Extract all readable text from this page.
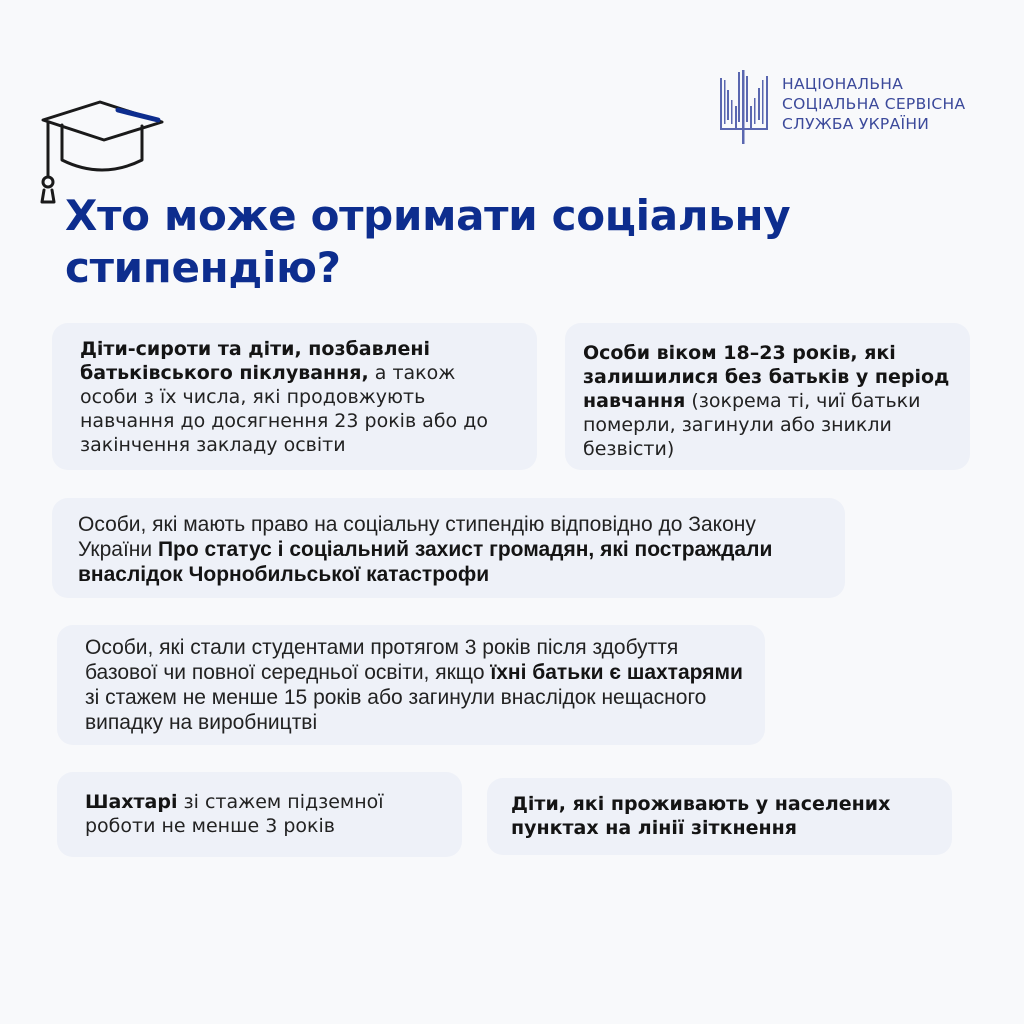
НАЦІОНАЛЬНА
СОЦІАЛЬНА СЕРВІСНА
СЛУЖБА УКРАЇНИ
Хто може отримати соціальну стипендію?
Діти-сироти та діти, позбавлені батьківського піклування, а також особи з їх числа, які продовжують навчання до досягнення 23 років або до закінчення закладу освіти
Особи віком 18–23 років, які залишилися без батьків у період навчання (зокрема ті, чиї батьки померли, загинули або зникли безвісти)
Особи, які мають право на соціальну стипендію відповідно до Закону України Про статус і соціальний захист громадян, які постраждали внаслідок Чорнобильської катастрофи
Особи, які стали студентами протягом 3 років після здобуття базової чи повної середньої освіти, якщо їхні батьки є шахтарями зі стажем не менше 15 років або загинули внаслідок нещасного випадку на виробництві
Шахтарі зі стажем підземної роботи не менше 3 років
Діти, які проживають у населених пунктах на лінії зіткнення
